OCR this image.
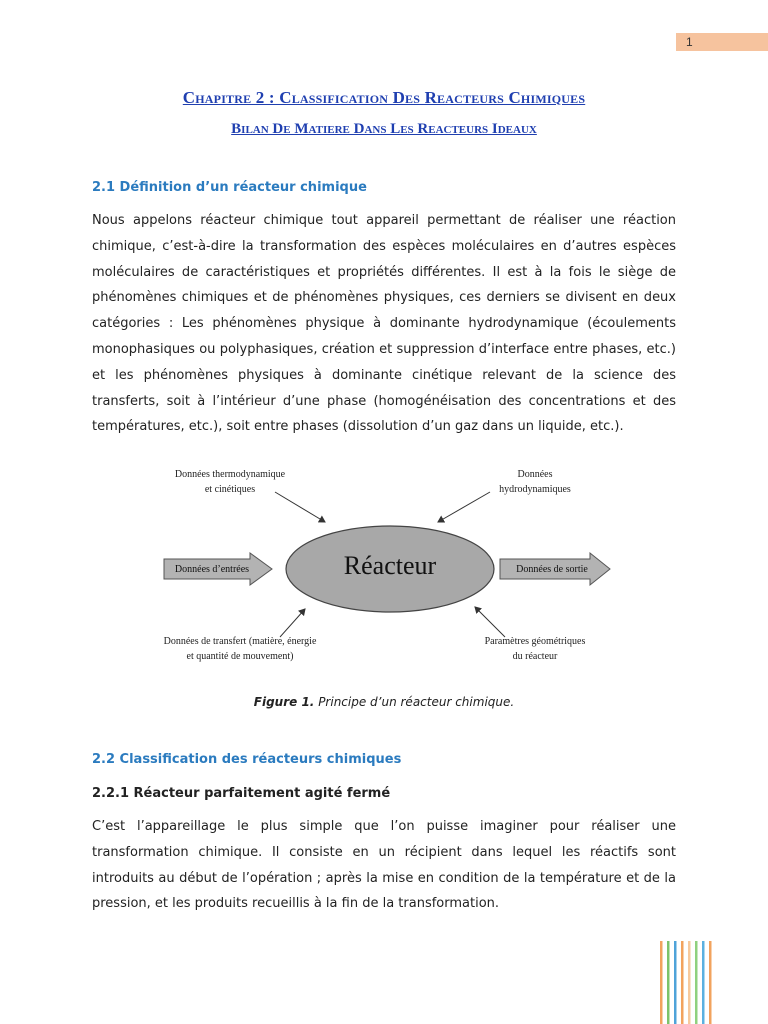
1
Chapitre 2 : Classification Des Reacteurs Chimiques
Bilan De Matiere Dans Les Reacteurs Ideaux
2.1 Définition d’un réacteur chimique
Nous appelons réacteur chimique tout appareil permettant de réaliser une réaction chimique, c’est-à-dire la transformation des espèces moléculaires en d’autres espèces moléculaires de caractéristiques et propriétés différentes. Il est à la fois le siège de phénomènes chimiques et de phénomènes physiques, ces derniers se divisent en deux catégories : Les phénomènes physique à dominante hydrodynamique (écoulements monophasiques ou polyphasiques, création et suppression d’interface entre phases, etc.) et les phénomènes physiques à dominante cinétique relevant de la science des transferts, soit à l’intérieur d’une phase (homogénéisation des concentrations et des températures, etc.), soit entre phases (dissolution d’un gaz dans un liquide, etc.).
Réacteur
Données d’entrées	Données de sortie
Données thermodynamique
et cinétiques
Données
hydrodynamiques
Données de transfert (matière, énergie
et quantité de mouvement)
Paramètres géométriques
du réacteur
Figure 1. Principe d’un réacteur chimique.
2.2 Classification des réacteurs chimiques
2.2.1 Réacteur parfaitement agité fermé
C’est l’appareillage le plus simple que l’on puisse imaginer pour réaliser une transformation chimique. Il consiste en un récipient dans lequel les réactifs sont introduits au début de l’opération ; après la mise en condition de la température et de la pression, et les produits recueillis à la fin de la transformation.
